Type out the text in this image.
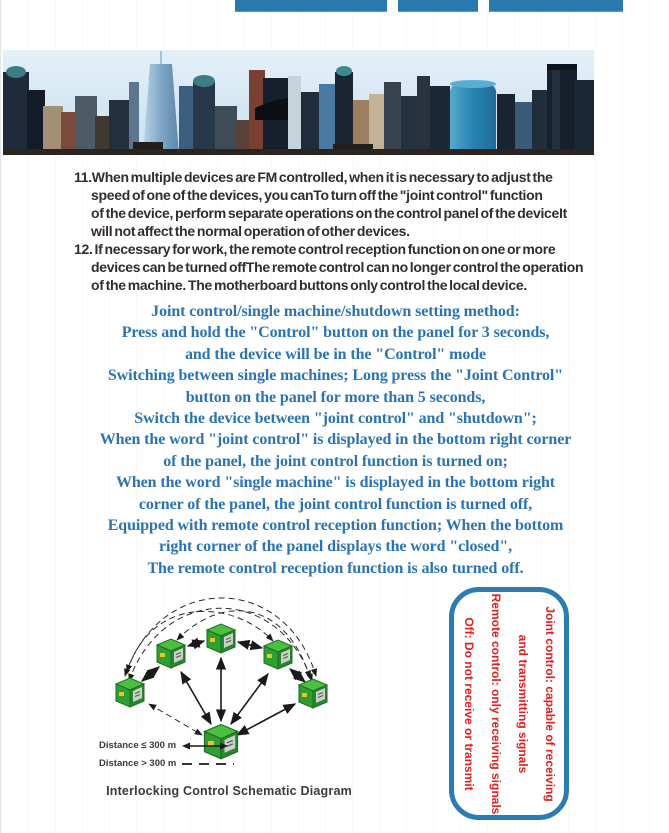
11.When multiple devices are FM controlled, when it is necessary to adjust the
speed of one of the devices, you canTo turn off the "joint control" function
of the device, perform separate operations on the control panel of the deviceIt
will not affect the normal operation of other devices.
12. If necessary for work, the remote control reception function on one or more
devices can be turned offThe remote control can no longer control the operation
of the machine. The motherboard buttons only control the local device.
Joint control/single machine/shutdown setting method:
Press and hold the "Control" button on the panel for 3 seconds,
and the device will be in the "Control" mode
Switching between single machines; Long press the "Joint Control"
button on the panel for more than 5 seconds,
Switch the device between "joint control" and "shutdown";
When the word "joint control" is displayed in the bottom right corner
of the panel, the joint control function is turned on;
When the word "single machine" is displayed in the bottom right
corner of the panel, the joint control function is turned off,
Equipped with remote control reception function; When the bottom
right corner of the panel displays the word "closed",
The remote control reception function is also turned off.
Distance ≤ 300 m
Distance > 300 m
Interlocking Control Schematic Diagram	Joint control: capable of receiving
and transmitting signals
Remote control: only receiving signals
Off: Do not receive or transmit
